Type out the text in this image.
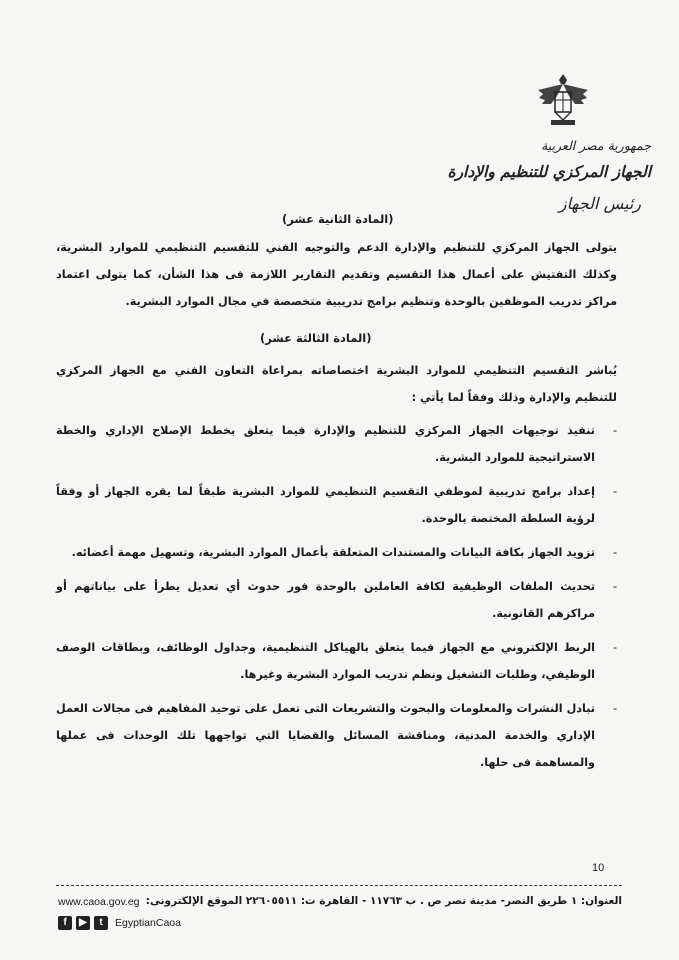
جمهورية مصر العربية
الجهاز المركزي للتنظيم والإدارة
رئيس الجهاز
(المادة الثانية عشر)
يتولى الجهاز المركزي للتنظيم والإدارة الدعم والتوجيه الفني للتقسيم التنظيمي للموارد البشرية، وكذلك التفتيش على أعمال هذا التقسيم وتقديم التقارير اللازمة فى هذا الشأن، كما يتولى اعتماد مراكز تدريب الموظفين بالوحدة وتنظيم برامج تدريبية متخصصة في مجال الموارد البشرية.
(المادة الثالثة عشر)
يُباشر التقسيم التنظيمي للموارد البشرية اختصاصاته بمراعاة التعاون الفني مع الجهاز المركزي للتنظيم والإدارة وذلك وفقاً لما يأتي :
-
تنفيذ توجيهات الجهاز المركزي للتنظيم والإدارة فيما يتعلق بخطط الإصلاح الإداري والخطة الاستراتيجية للموارد البشرية.
-
إعداد برامج تدريبية لموظفي التقسيم التنظيمي للموارد البشرية طبقاً لما يقره الجهاز أو وفقاً لرؤية السلطة المختصة بالوحدة.
-
تزويد الجهاز بكافة البيانات والمستندات المتعلقة بأعمال الموارد البشرية، وتسهيل مهمة أعضائه.
-
تحديث الملفات الوظيفية لكافة العاملين بالوحدة فور حدوث أي تعديل يطرأ على بياناتهم أو مراكزهم القانونية.
-
الربط الإلكتروني مع الجهاز فيما يتعلق بالهياكل التنظيمية، وجداول الوظائف، وبطاقات الوصف الوظيفي، وطلبات التشغيل ونظم تدريب الموارد البشرية وغيرها.
-
تبادل النشرات والمعلومات والبحوث والتشريعات التى تعمل على توحيد المفاهيم فى مجالات العمل الإداري والخدمة المدنية، ومناقشة المسائل والقضايا التي تواجهها تلك الوحدات فى عملها والمساهمة فى حلها.
10
العنوان: ١ طريق النصر- مدينة نصر ص . ب ١١٧٦٣ - القاهرة ت: ٢٢٦٠٥٥١١ الموقع الإلكترونى:
www.caoa.gov.eg
f	▶	t	EgyptianCaoa
